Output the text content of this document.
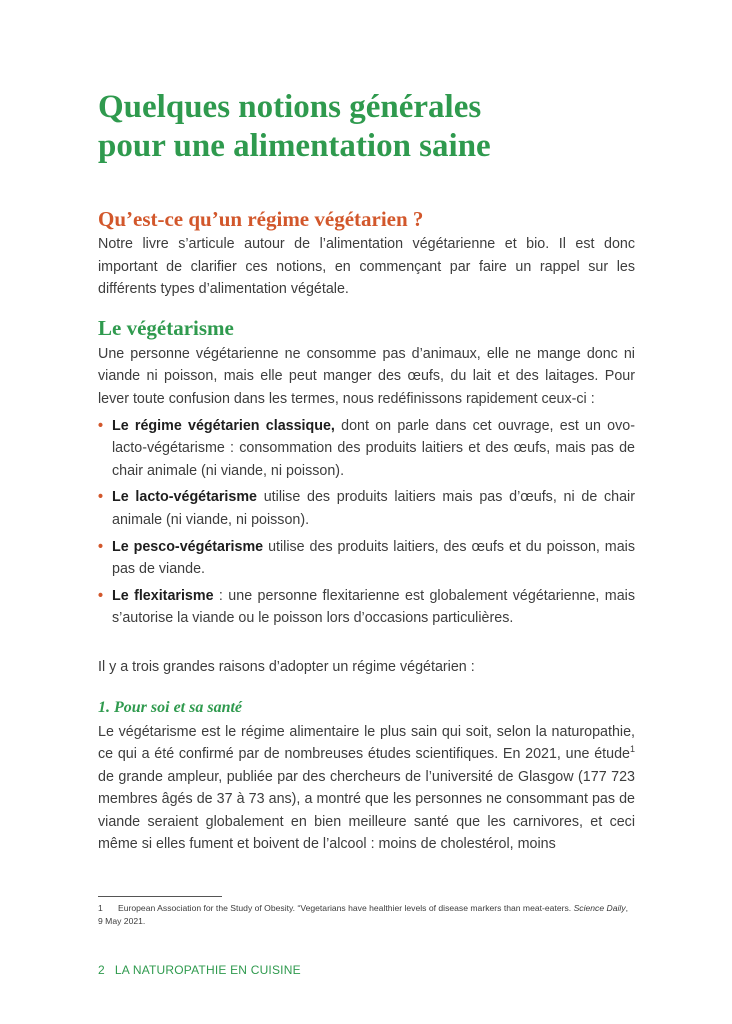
Quelques notions générales
pour une alimentation saine
Qu’est-ce qu’un régime végétarien ?

Notre livre s’articule autour de l’alimentation végétarienne et bio. Il est donc important de clarifier ces notions, en commençant par faire un rappel sur les différents types d’alimentation végétale.

Le végétarisme

Une personne végétarienne ne consomme pas d’animaux, elle ne mange donc ni viande ni poisson, mais elle peut manger des œufs, du lait et des laitages. Pour lever toute confusion dans les termes, nous redéfinissons rapidement ceux-ci :

• Le régime végétarien classique, dont on parle dans cet ouvrage, est un ovo-lacto-végétarisme : consommation des produits laitiers et des œufs, mais pas de chair animale (ni viande, ni poisson).
• Le lacto-végétarisme utilise des produits laitiers mais pas d’œufs, ni de chair animale (ni viande, ni poisson).
• Le pesco-végétarisme utilise des produits laitiers, des œufs et du poisson, mais pas de viande.
• Le flexitarisme : une personne flexitarienne est globalement végétarienne, mais s’autorise la viande ou le poisson lors d’occasions particulières.

Il y a trois grandes raisons d’adopter un régime végétarien :

1. Pour soi et sa santé

Le végétarisme est le régime alimentaire le plus sain qui soit, selon la naturopathie, ce qui a été confirmé par de nombreuses études scientifiques. En 2021, une étude$^1$ de grande ampleur, publiée par des chercheurs de l’université de Glasgow (177 723 membres âgés de 37 à 73 ans), a montré que les personnes ne consommant pas de viande seraient globalement en bien meilleure santé que les carnivores, et ceci même si elles fument et boivent de l’alcool : moins de cholestérol, moins

1 European Association for the Study of Obesity. “Vegetarians have healthier levels of disease markers than meat-eaters. Science Daily, 9 May 2021.
2 LA NATUROPATHIE EN CUISINE
